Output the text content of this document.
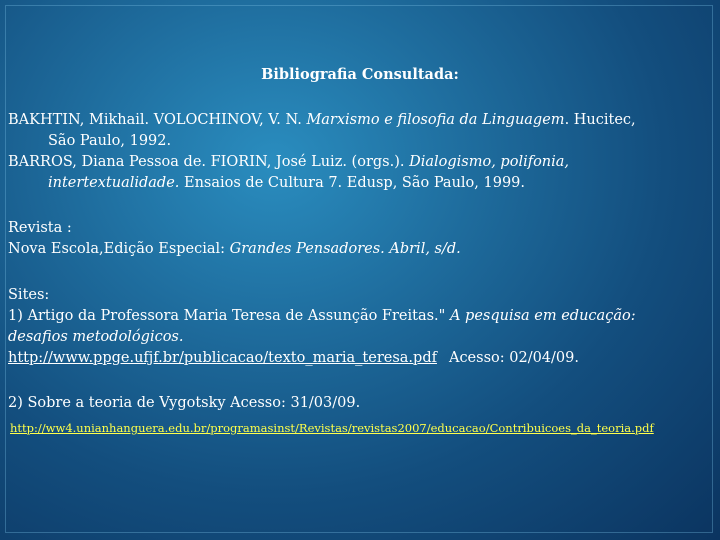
Bibliografia Consultada:
BAKHTIN, Mikhail. VOLOCHINOV, V. N. Marxismo e filosofia da Linguagem. Hucitec,
São Paulo, 1992.
BARROS, Diana Pessoa de. FIORIN, José Luiz. (orgs.). Dialogismo, polifonia,
intertextualidade. Ensaios de Cultura 7. Edusp, São Paulo, 1999.
Revista :
Nova Escola,Edição Especial: Grandes Pensadores. Abril, s/d.
Sites:
1) Artigo da Professora Maria Teresa de Assunção Freitas." A pesquisa em educação:
desafios metodológicos.
http://www.ppge.ufjf.br/publicacao/texto_maria_teresa.pdf Acesso: 02/04/09.
2) Sobre a teoria de Vygotsky Acesso: 31/03/09.
http://ww4.unianhanguera.edu.br/programasinst/Revistas/revistas2007/educacao/Contribuicoes_da_teoria.pdf
